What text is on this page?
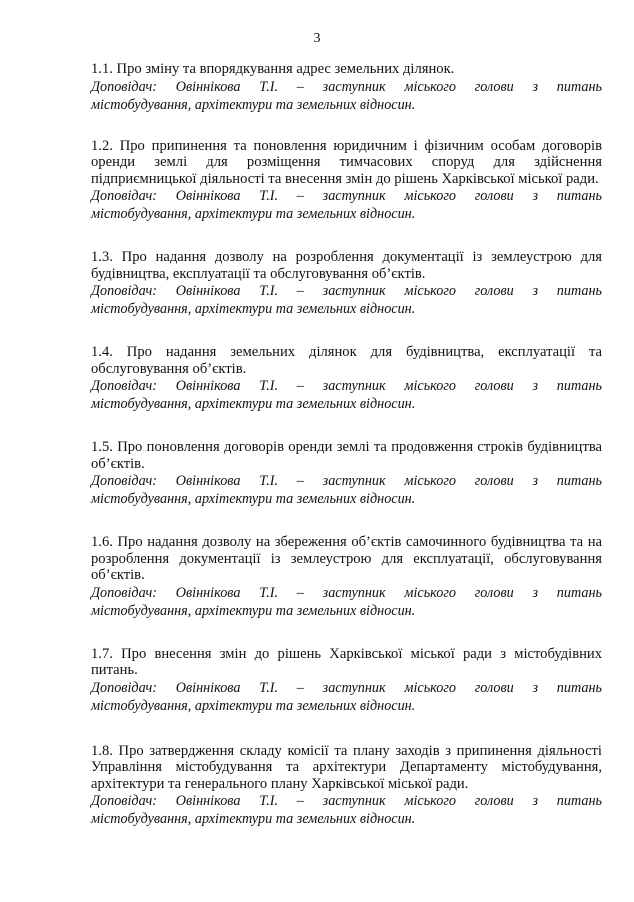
3

1.1. Про зміну та впорядкування адрес земельних ділянок.

Доповідач: Овіннікова Т.І. – заступник міського голови з питань

містобудування, архітектури та земельних відносин.

1.2. Про припинення та поновлення юридичним і фізичним особам договорів оренди землі для розміщення тимчасових споруд для здійснення підприємницької діяльності та внесення змін до рішень Харківської міської ради.

Доповідач: Овіннікова Т.І. – заступник міського голови з питань

містобудування, архітектури та земельних відносин.

1.3. Про надання дозволу на розроблення документації із землеустрою для будівництва, експлуатації та обслуговування об’єктів.

Доповідач: Овіннікова Т.І. – заступник міського голови з питань

містобудування, архітектури та земельних відносин.

1.4. Про надання земельних ділянок для будівництва, експлуатації та обслуговування об’єктів.

Доповідач: Овіннікова Т.І. – заступник міського голови з питань

містобудування, архітектури та земельних відносин.

1.5. Про поновлення договорів оренди землі та продовження строків будівництва об’єктів.

Доповідач: Овіннікова Т.І. – заступник міського голови з питань

містобудування, архітектури та земельних відносин.

1.6. Про надання дозволу на збереження об’єктів самочинного будівництва та на розроблення документації із землеустрою для експлуатації, обслуговування об’єктів.

Доповідач: Овіннікова Т.І. – заступник міського голови з питань

містобудування, архітектури та земельних відносин.

1.7. Про внесення змін до рішень Харківської міської ради з містобудівних питань.

Доповідач: Овіннікова Т.І. – заступник міського голови з питань

містобудування, архітектури та земельних відносин.

1.8. Про затвердження складу комісії та плану заходів з припинення діяльності Управління містобудування та архітектури Департаменту містобудування, архітектури та генерального плану Харківської міської ради.

Доповідач: Овіннікова Т.І. – заступник міського голови з питань

містобудування, архітектури та земельних відносин.
